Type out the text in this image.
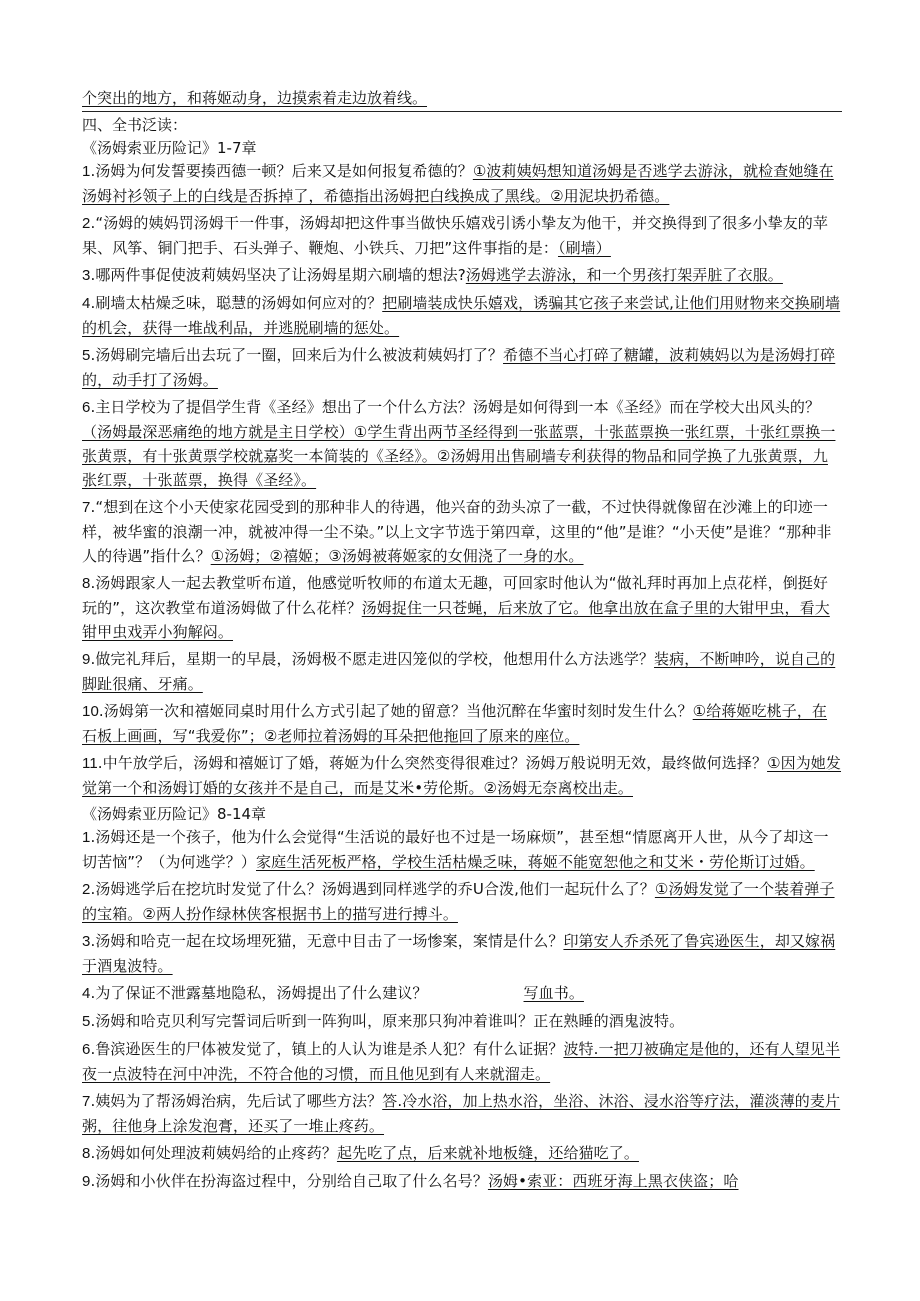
个突出的地方，和蒋姬动身，边摸索着走边放着线。
四、全书泛读：
《汤姆索亚历险记》1-7章
1.汤姆为何发誓要揍西德一顿？后来又是如何报复希德的？①波莉姨妈想知道汤姆是否逃学去游泳，就检查她缝在汤姆衬衫领子上的白线是否拆掉了，希德指出汤姆把白线换成了黑线。②用泥块扔希德。
2.“汤姆的姨妈罚汤姆干一件事，汤姆却把这件事当做快乐嬉戏引诱小挚友为他干，并交换得到了很多小挚友的苹果、风筝、铜门把手、石头弹子、鞭炮、小铁兵、刀把”这件事指的是：（刷墙）
3.哪两件事促使波莉姨妈坚决了让汤姆星期六刷墙的想法?汤姆逃学去游泳，和一个男孩打架弄脏了衣服。
4.刷墙太枯燥乏味，聪慧的汤姆如何应对的？把刷墙装成快乐嬉戏，诱骗其它孩子来尝试,让他们用财物来交换刷墙的机会，获得一堆战利品，并逃脱刷墙的惩处。
5.汤姆刷完墙后出去玩了一圈，回来后为什么被波莉姨妈打了？希德不当心打碎了糖罐，波莉姨妈以为是汤姆打碎的，动手打了汤姆。
6.主日学校为了提倡学生背《圣经》想出了一个什么方法？汤姆是如何得到一本《圣经》而在学校大出风头的？（汤姆最深恶痛绝的地方就是主日学校）①学生背出两节圣经得到一张蓝票，十张蓝票换一张红票，十张红票换一张黄票，有十张黄票学校就嘉奖一本简装的《圣经》。②汤姆用出售刷墙专利获得的物品和同学换了九张黄票，九张红票，十张蓝票，换得《圣经》。
7.“想到在这个小天使家花园受到的那种非人的待遇，他兴奋的劲头凉了一截，不过快得就像留在沙滩上的印迹一样，被华蜜的浪潮一冲，就被冲得一尘不染。”以上文字节选于第四章，这里的“他”是谁？“小天使”是谁？“那种非人的待遇”指什么？①汤姆；②禧姬；③汤姆被蒋姬家的女佣浇了一身的水。
8.汤姆跟家人一起去教堂听布道，他感觉听牧师的布道太无趣，可回家时他认为“做礼拜时再加上点花样，倒挺好玩的”，这次教堂布道汤姆做了什么花样？汤姆捉住一只苍蝇，后来放了它。他拿出放在盒子里的大钳甲虫，看大钳甲虫戏弄小狗解闷。
9.做完礼拜后，星期一的早晨，汤姆极不愿走进囚笼似的学校，他想用什么方法逃学？装病，不断呻吟，说自己的脚趾很痛、牙痛。
10.汤姆第一次和禧姬同桌时用什么方式引起了她的留意？当他沉醉在华蜜时刻时发生什么？①给蒋姬吃桃子，在石板上画画，写“我爱你”；②老师拉着汤姆的耳朵把他拖回了原来的座位。
11.中午放学后，汤姆和禧姬订了婚，蒋姬为什么突然变得很难过？汤姆万般说明无效，最终做何选择？①因为她发觉第一个和汤姆订婚的女孩并不是自己，而是艾米•劳伦斯。②汤姆无奈离校出走。
《汤姆索亚历险记》8-14章
1.汤姆还是一个孩子，他为什么会觉得“生活说的最好也不过是一场麻烦”，甚至想“情愿离开人世，从今了却这一切苦恼”？（为何逃学？）家庭生活死板严格，学校生活枯燥乏味，蒋姬不能宽恕他之和艾米・劳伦斯订过婚。
2.汤姆逃学后在挖坑时发觉了什么？汤姆遇到同样逃学的乔U合泼,他们一起玩什么了？①汤姆发觉了一个装着弹子的宝箱。②两人扮作绿林侠客根据书上的描写进行搏斗。
3.汤姆和哈克一起在坟场埋死猫，无意中目击了一场惨案，案情是什么？印第安人乔杀死了鲁宾逊医生，却又嫁祸于酒鬼波特。
4.为了保证不泄露墓地隐私，汤姆提出了什么建议？	写血书。
5.汤姆和哈克贝利写完誓词后听到一阵狗叫，原来那只狗冲着谁叫？正在熟睡的酒鬼波特。
6.鲁滨逊医生的尸体被发觉了，镇上的人认为谁是杀人犯？有什么证据？波特.一把刀被确定是他的，还有人望见半夜一点波特在河中冲洗，不符合他的习惯，而且他见到有人来就溜走。
7.姨妈为了帮汤姆治病，先后试了哪些方法？答.冷水浴，加上热水浴，坐浴、沐浴、浸水浴等疗法，灌淡薄的麦片粥，往他身上涂发泡膏，还买了一堆止疼药。
8.汤姆如何处理波莉姨妈给的止疼药？起先吃了点，后来就补地板缝，还给猫吃了。
9.汤姆和小伙伴在扮海盗过程中，分别给自己取了什么名号？汤姆•索亚：西班牙海上黑衣侠盗；哈
